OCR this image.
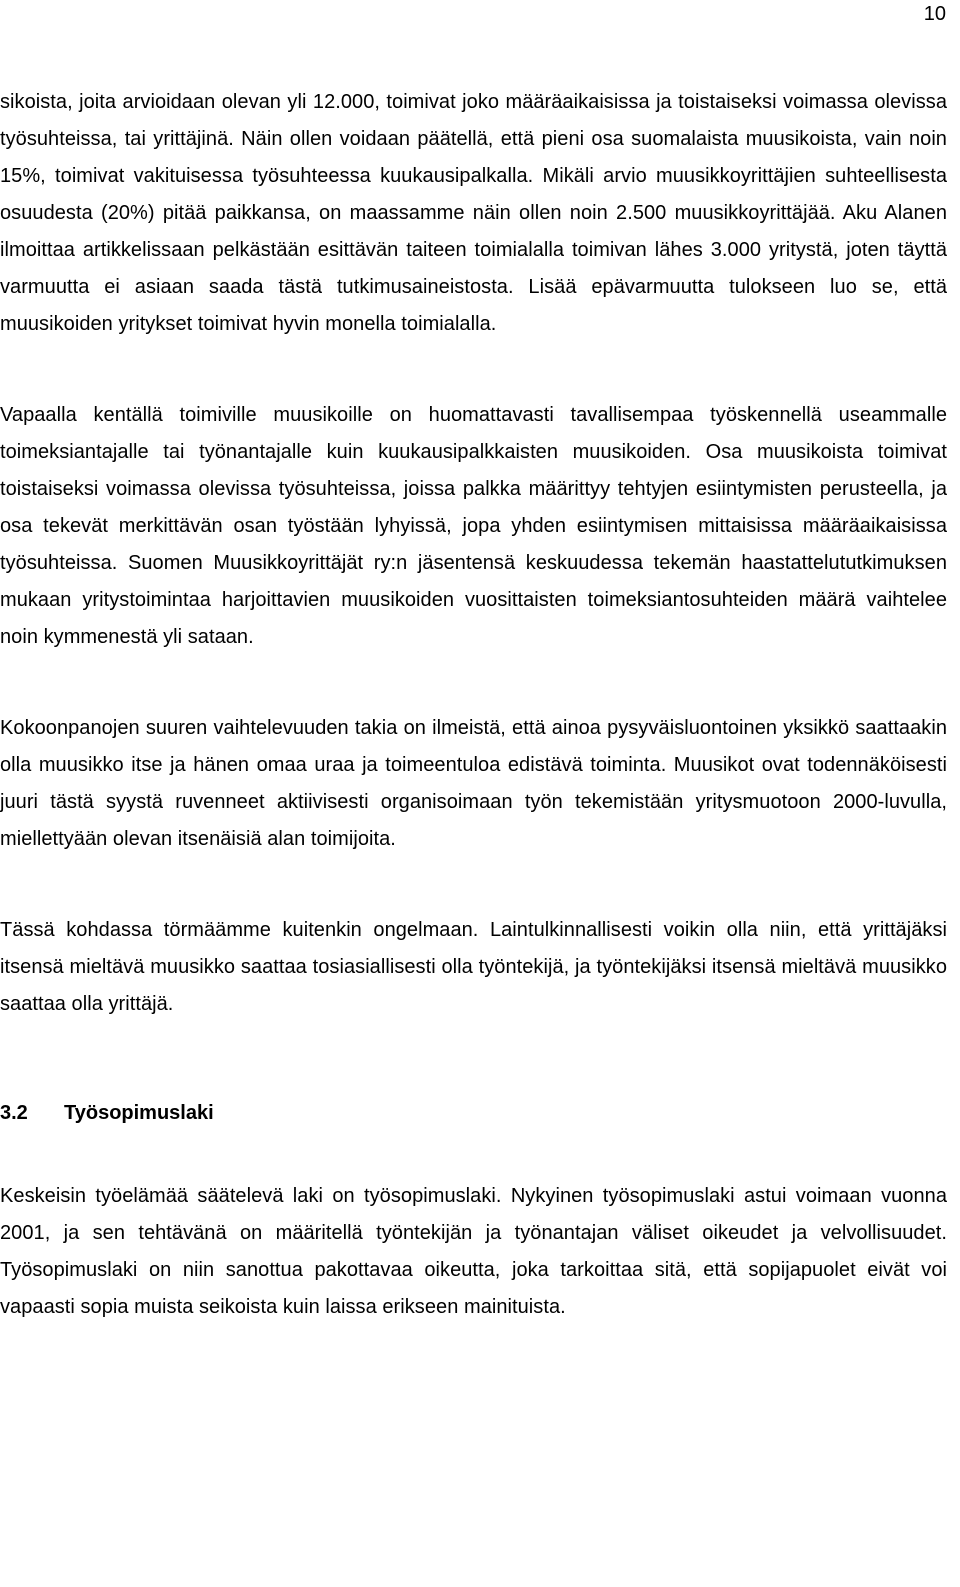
10

sikoista, joita arvioidaan olevan yli 12.000, toimivat joko määräaikaisissa ja toistaiseksi voimassa olevissa työsuhteissa, tai yrittäjinä. Näin ollen voidaan päätellä, että pieni osa suomalaista muusikoista, vain noin 15%, toimivat vakituisessa työsuhteessa kuukausipalkalla. Mikäli arvio muusikkoyrittäjien suhteellisesta osuudesta (20%) pitää paikkansa, on maassamme näin ollen noin 2.500 muusikkoyrittäjää. Aku Alanen ilmoittaa artikkelissaan pelkästään esittävän taiteen toimialalla toimivan lähes 3.000 yritystä, joten täyttä varmuutta ei asiaan saada tästä tutkimusaineistosta. Lisää epävarmuutta tulokseen luo se, että muusikoiden yritykset toimivat hyvin monella toimialalla.

Vapaalla kentällä toimiville muusikoille on huomattavasti tavallisempaa työskennellä useammalle toimeksiantajalle tai työnantajalle kuin kuukausipalkkaisten muusikoiden. Osa muusikoista toimivat toistaiseksi voimassa olevissa työsuhteissa, joissa palkka määrittyy tehtyjen esiintymisten perusteella, ja osa tekevät merkittävän osan työstään lyhyissä, jopa yhden esiintymisen mittaisissa määräaikaisissa työsuhteissa. Suomen Muusikkoyrittäjät ry:n jäsentensä keskuudessa tekemän haastattelututkimuksen mukaan yritystoimintaa harjoittavien muusikoiden vuosittaisten toimeksiantosuhteiden määrä vaihtelee noin kymmenestä yli sataan.

Kokoonpanojen suuren vaihtelevuuden takia on ilmeistä, että ainoa pysyväisluontoinen yksikkö saattaakin olla muusikko itse ja hänen omaa uraa ja toimeentuloa edistävä toiminta. Muusikot ovat todennäköisesti juuri tästä syystä ruvenneet aktiivisesti organisoimaan työn tekemistään yritysmuotoon 2000-luvulla, miellettyään olevan itsenäisiä alan toimijoita.

Tässä kohdassa törmäämme kuitenkin ongelmaan. Laintulkinnallisesti voikin olla niin, että yrittäjäksi itsensä mieltävä muusikko saattaa tosiasiallisesti olla työntekijä, ja työntekijäksi itsensä mieltävä muusikko saattaa olla yrittäjä.

3.2	Työsopimuslaki

Keskeisin työelämää säätelevä laki on työsopimuslaki. Nykyinen työsopimuslaki astui voimaan vuonna 2001, ja sen tehtävänä on määritellä työntekijän ja työnantajan väliset oikeudet ja velvollisuudet. Työsopimuslaki on niin sanottua pakottavaa oikeutta, joka tarkoittaa sitä, että sopijapuolet eivät voi vapaasti sopia muista seikoista kuin laissa erikseen mainituista.
